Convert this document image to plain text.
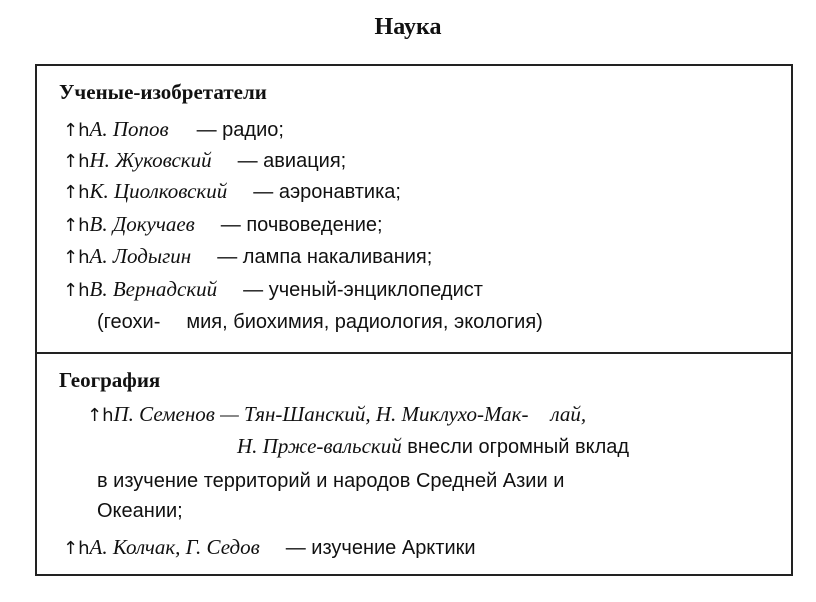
Наука
Ученые-изобретатели
↑hА. Попов — радио;
↑hН. Жуковский — авиация;
↑hК. Циолковский — аэронавтика;
↑hВ. Докучаев — почвоведение;
↑hА. Лодыгин — лампа накаливания;
↑hВ. Вернадский — ученый-энциклопедист
(геохи- мия, биохимия, радиология, экология)
География
↑hП. Семенов — Тян-Шанский, Н. Миклухо-Мак- лай,
Н. Прже-вальский внесли огромный вклад
в изучение территорий и народов Средней Азии и
Океании;
↑hА. Колчак, Г. Седов — изучение Арктики
